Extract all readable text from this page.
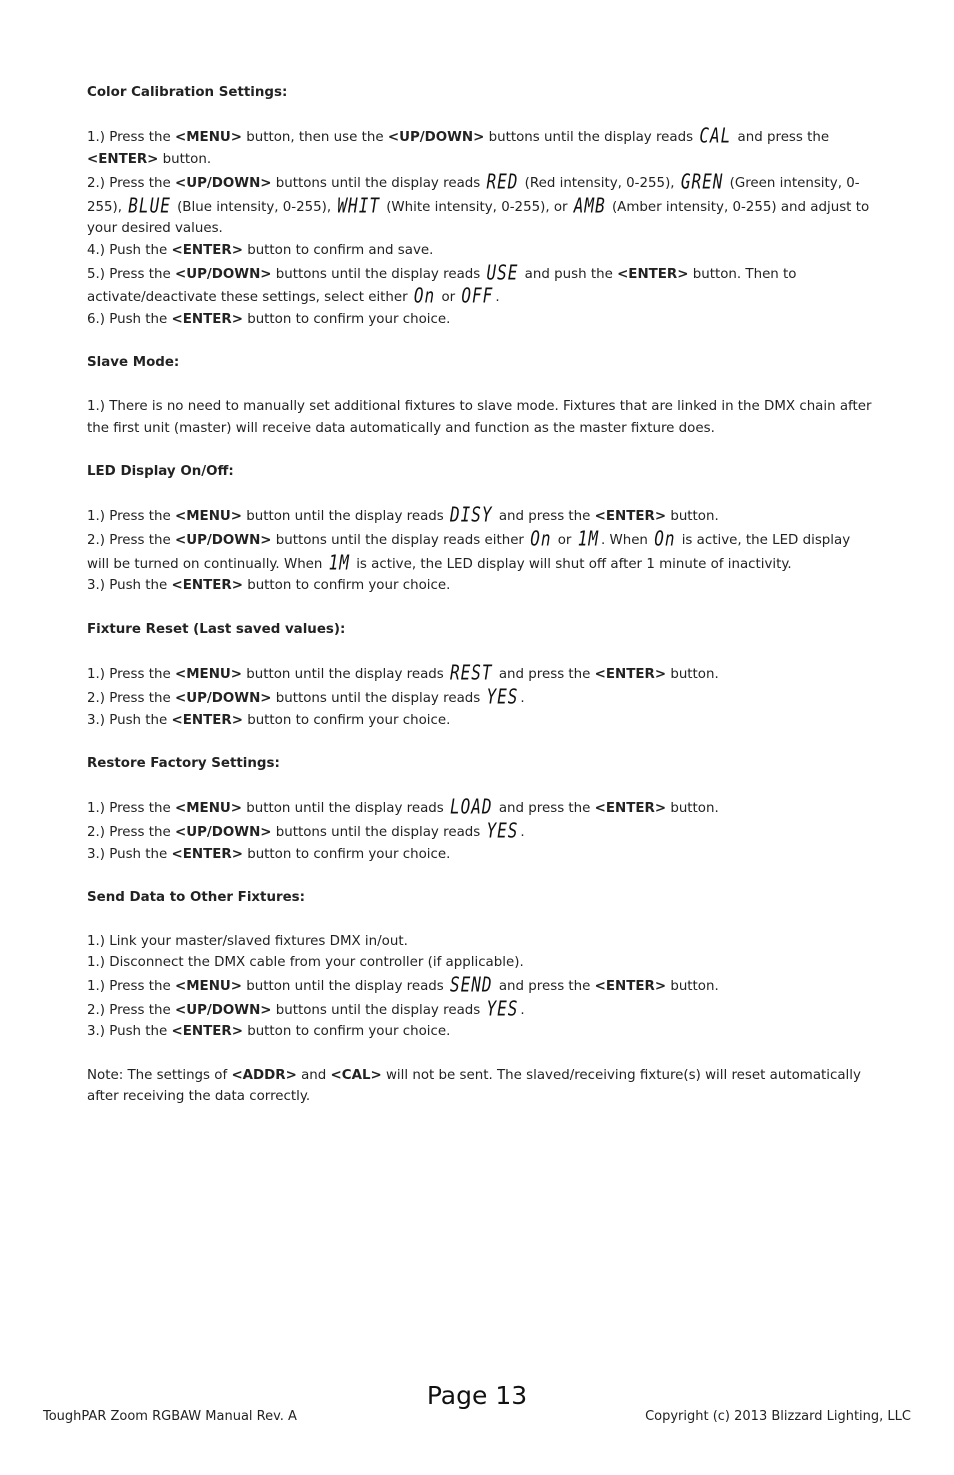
Color Calibration Settings:

1.) Press the <MENU> button, then use the <UP/DOWN> buttons until the display reads CAL and press the <ENTER> button.

2.) Press the <UP/DOWN> buttons until the display reads RED (Red intensity, 0-255), GREN (Green intensity, 0-255), BLUE (Blue intensity, 0-255), WHIT (White intensity, 0-255), or AMB (Amber intensity, 0-255) and adjust to your desired values.

4.) Push the <ENTER> button to confirm and save.

5.) Press the <UP/DOWN> buttons until the display reads USE and push the <ENTER> button. Then to activate/deactivate these settings, select either On or OFF .

6.) Push the <ENTER> button to confirm your choice.

Slave Mode:

1.) There is no need to manually set additional fixtures to slave mode. Fixtures that are linked in the DMX chain after the first unit (master) will receive data automatically and function as the master fixture does.

LED Display On/Off:

1.) Press the <MENU> button until the display reads DISY and press the <ENTER> button.

2.) Press the <UP/DOWN> buttons until the display reads either On or 1M . When On is active, the LED display will be turned on continually. When 1M is active, the LED display will shut off after 1 minute of inactivity.

3.) Push the <ENTER> button to confirm your choice.

Fixture Reset (Last saved values):

1.) Press the <MENU> button until the display reads REST and press the <ENTER> button.

2.) Press the <UP/DOWN> buttons until the display reads YES .

3.) Push the <ENTER> button to confirm your choice.

Restore Factory Settings:

1.) Press the <MENU> button until the display reads LOAD and press the <ENTER> button.

2.) Press the <UP/DOWN> buttons until the display reads YES .

3.) Push the <ENTER> button to confirm your choice.

Send Data to Other Fixtures:

1.) Link your master/slaved fixtures DMX in/out.

1.) Disconnect the DMX cable from your controller (if applicable).

1.) Press the <MENU> button until the display reads SEND and press the <ENTER> button.

2.) Press the <UP/DOWN> buttons until the display reads YES .

3.) Push the <ENTER> button to confirm your choice.

Note: The settings of <ADDR> and <CAL> will not be sent. The slaved/receiving fixture(s) will reset automatically after receiving the data correctly.

Page 13
ToughPAR Zoom RGBAW Manual Rev. A	Copyright (c) 2013 Blizzard Lighting, LLC
